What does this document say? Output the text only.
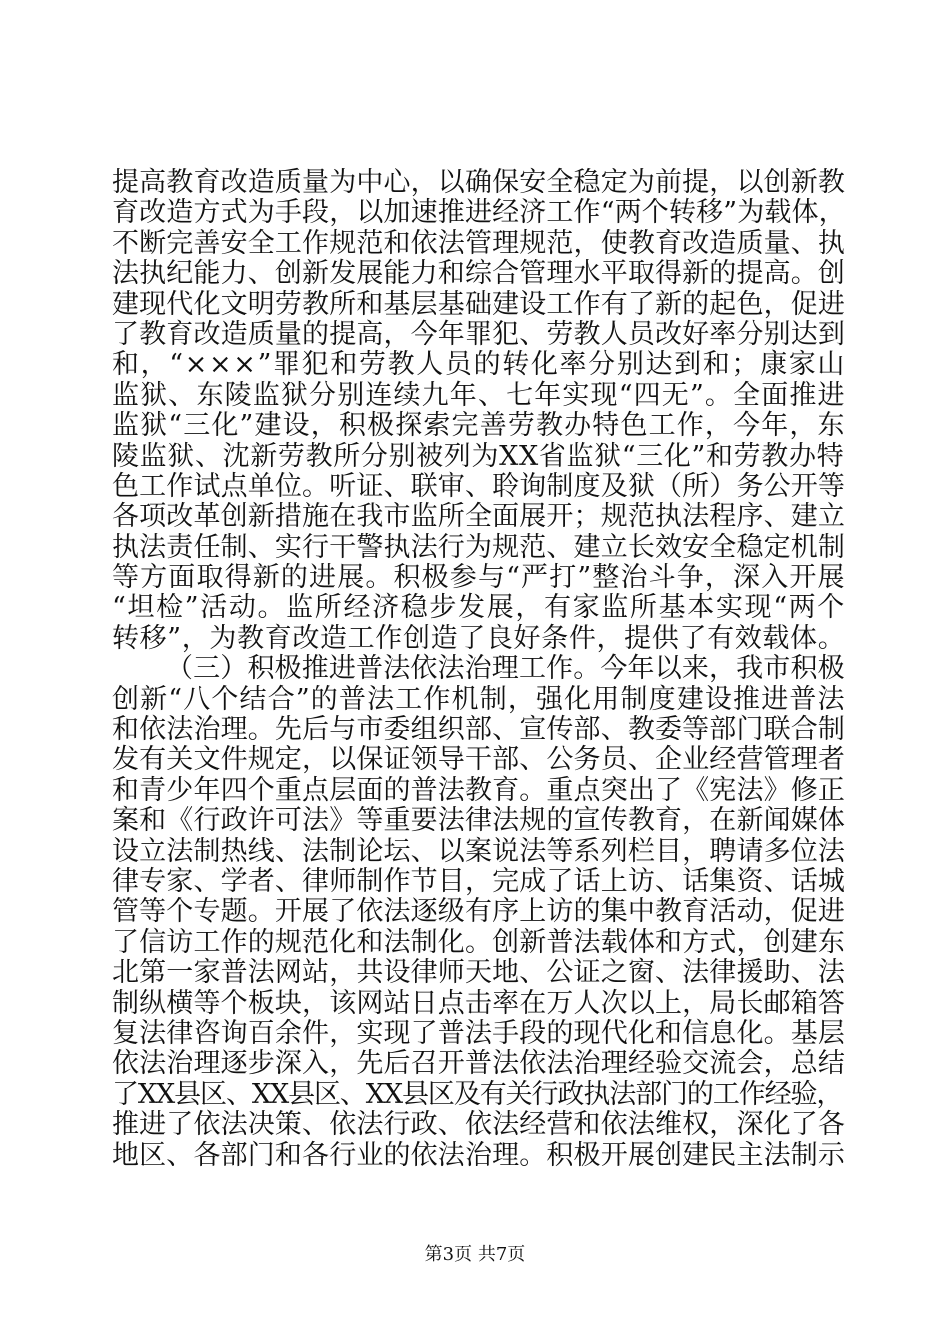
提高教育改造质量为中心，以确保安全稳定为前提，以创新教
育改造方式为手段，以加速推进经济工作“两个转移”为载体，
不断完善安全工作规范和依法管理规范，使教育改造质量、执
法执纪能力、创新发展能力和综合管理水平取得新的提高。创
建现代化文明劳教所和基层基础建设工作有了新的起色，促进
了教育改造质量的提高，今年罪犯、劳教人员改好率分别达到
和，“×××”罪犯和劳教人员的转化率分别达到和；康家山
监狱、东陵监狱分别连续九年、七年实现“四无”。全面推进
监狱“三化”建设，积极探索完善劳教办特色工作，今年，东
陵监狱、沈新劳教所分别被列为XX省监狱“三化”和劳教办特
色工作试点单位。听证、联审、聆询制度及狱（所）务公开等
各项改革创新措施在我市监所全面展开；规范执法程序、建立
执法责任制、实行干警执法行为规范、建立长效安全稳定机制
等方面取得新的进展。积极参与“严打”整治斗争，深入开展
“坦检”活动。监所经济稳步发展，有家监所基本实现“两个
转移”，为教育改造工作创造了良好条件，提供了有效载体。
（三）积极推进普法依法治理工作。今年以来，我市积极
创新“八个结合”的普法工作机制，强化用制度建设推进普法
和依法治理。先后与市委组织部、宣传部、教委等部门联合制
发有关文件规定，以保证领导干部、公务员、企业经营管理者
和青少年四个重点层面的普法教育。重点突出了《宪法》修正
案和《行政许可法》等重要法律法规的宣传教育，在新闻媒体
设立法制热线、法制论坛、以案说法等系列栏目，聘请多位法
律专家、学者、律师制作节目，完成了话上访、话集资、话城
管等个专题。开展了依法逐级有序上访的集中教育活动，促进
了信访工作的规范化和法制化。创新普法载体和方式，创建东
北第一家普法网站，共设律师天地、公证之窗、法律援助、法
制纵横等个板块，该网站日点击率在万人次以上，局长邮箱答
复法律咨询百余件，实现了普法手段的现代化和信息化。基层
依法治理逐步深入，先后召开普法依法治理经验交流会，总结
了XX县区、XX县区、XX县区及有关行政执法部门的工作经验，
推进了依法决策、依法行政、依法经营和依法维权，深化了各
地区、各部门和各行业的依法治理。积极开展创建民主法制示
第3页 共7页
